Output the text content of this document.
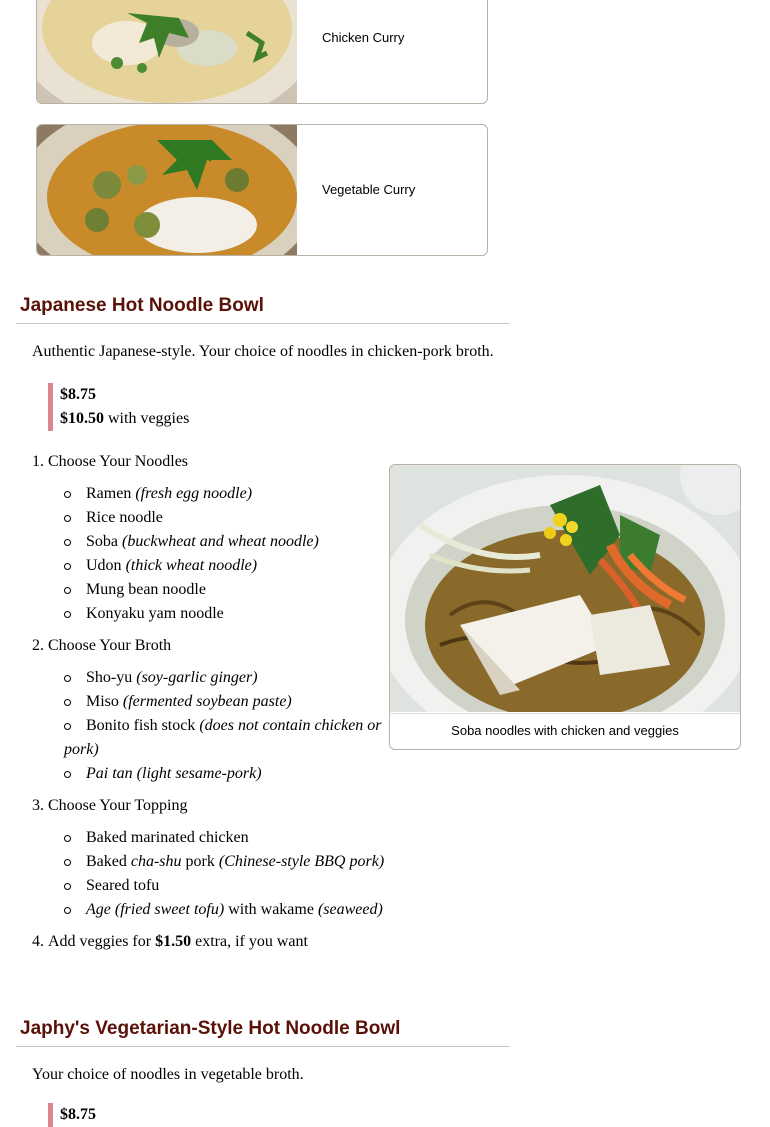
Chicken Curry
Vegetable Curry
Japanese Hot Noodle Bowl

Authentic Japanese-style. Your choice of noodles in chicken-pork broth.

$8.75
$10.50 with veggies
1. Choose Your Noodles
Ramen (fresh egg noodle)
Rice noodle
Soba (buckwheat and wheat noodle)
Udon (thick wheat noodle)
Mung bean noodle
Konyaku yam noodle
2. Choose Your Broth
Sho-yu (soy-garlic ginger)
Miso (fermented soybean paste)
Bonito fish stock (does not contain chicken or pork)
Pai tan (light sesame-pork)
3. Choose Your Topping
Baked marinated chicken
Baked cha-shu pork (Chinese-style BBQ pork)
Seared tofu
Age (fried sweet tofu) with wakame (seaweed)
4. Add veggies for $1.50 extra, if you want
Soba noodles with chicken and veggies
Japhy's Vegetarian-Style Hot Noodle Bowl

Your choice of noodles in vegetable broth.

$8.75
